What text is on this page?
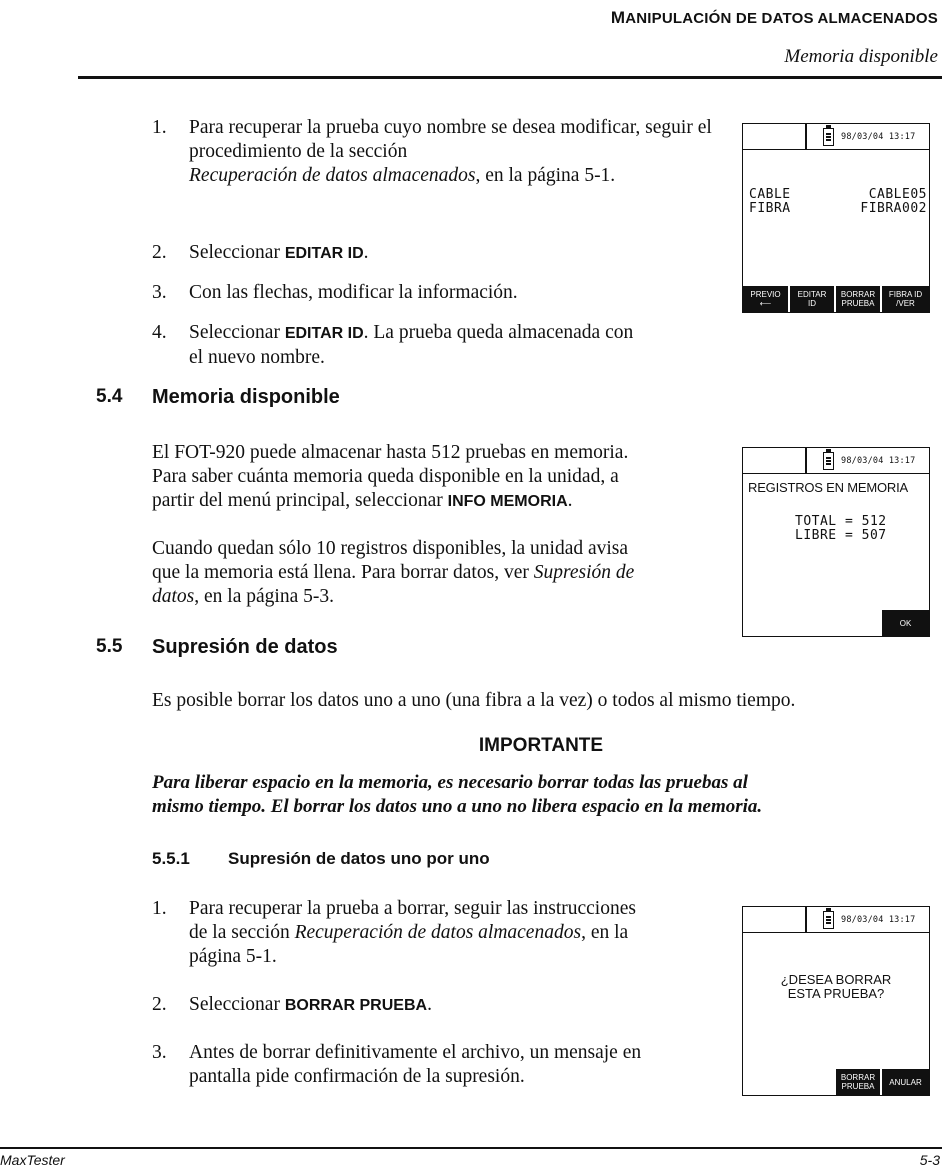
MANIPULACIÓN DE DATOS ALMACENADOS
Memoria disponible
1. Para recuperar la prueba cuyo nombre se desea modificar, seguir el procedimiento de la sección
Recuperación de datos almacenados, en la página 5-1.
2. Seleccionar EDITAR ID.
3. Con las flechas, modificar la información.
4. Seleccionar EDITAR ID. La prueba queda almacenada con
el nuevo nombre.
98/03/04 13:17
CABLE	CABLE05
FIBRA	FIBRA002
PREVIO
⟵
EDITAR
ID
BORRAR
PRUEBA
FIBRA ID
/VER
5.4 Memoria disponible
El FOT-920 puede almacenar hasta 512 pruebas en memoria.
Para saber cuánta memoria queda disponible en la unidad, a
partir del menú principal, seleccionar INFO MEMORIA.
Cuando quedan sólo 10 registros disponibles, la unidad avisa
que la memoria está llena. Para borrar datos, ver Supresión de
datos, en la página 5-3.
98/03/04 13:17
REGISTROS EN MEMORIA
TOTAL = 512
LIBRE = 507
OK
5.5 Supresión de datos
Es posible borrar los datos uno a uno (una fibra a la vez) o todos al mismo tiempo.
IMPORTANTE
Para liberar espacio en la memoria, es necesario borrar todas las pruebas al
mismo tiempo. El borrar los datos uno a uno no libera espacio en la memoria.
5.5.1 Supresión de datos uno por uno
1. Para recuperar la prueba a borrar, seguir las instrucciones
de la sección Recuperación de datos almacenados, en la
página 5-1.
2. Seleccionar BORRAR PRUEBA.
3. Antes de borrar definitivamente el archivo, un mensaje en
pantalla pide confirmación de la supresión.
98/03/04 13:17
¿DESEA BORRAR
ESTA PRUEBA?
BORRAR
PRUEBA	ANULAR
MaxTester	5-3
